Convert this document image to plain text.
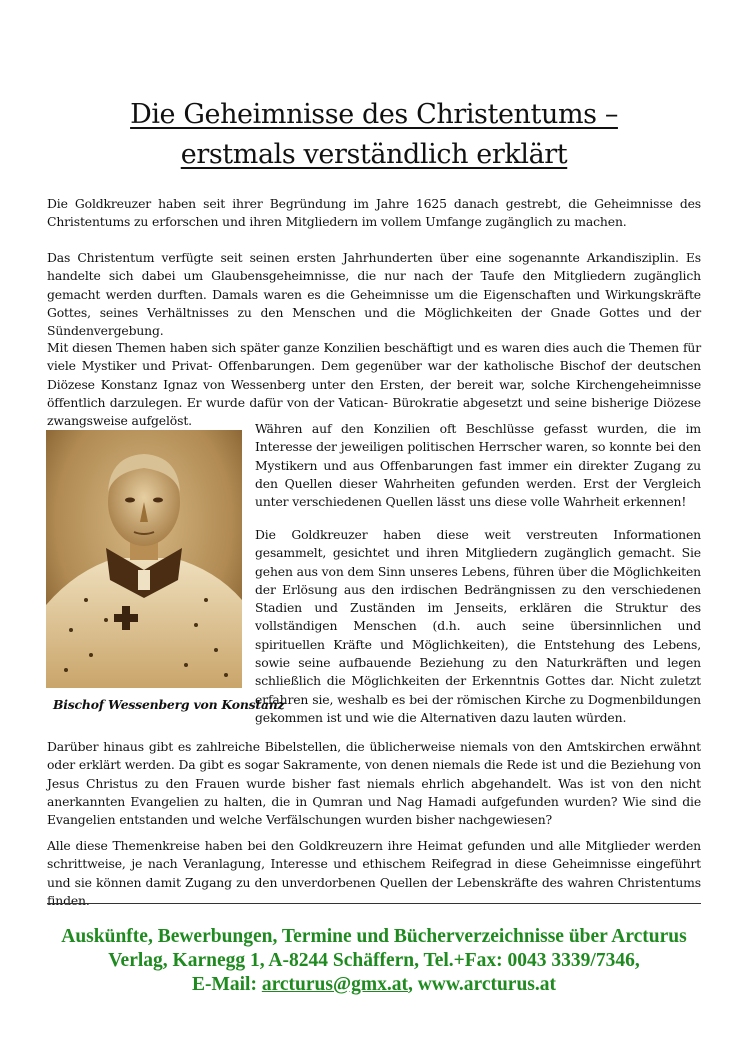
Die Geheimnisse des Christentums –
erstmals verständlich erklärt

Die Goldkreuzer haben seit ihrer Begründung im Jahre 1625 danach gestrebt, die Geheimnisse des Christentums zu erforschen und ihren Mitgliedern im vollem Umfange zugänglich zu machen.

Das Christentum verfügte seit seinen ersten Jahrhunderten über eine sogenannte Arkandisziplin. Es handelte sich dabei um Glaubensgeheimnisse, die nur nach der Taufe den Mitgliedern zugänglich gemacht werden durften. Damals waren es die Geheimnisse um die Eigenschaften und Wirkungskräfte Gottes, seines Verhältnisses zu den Menschen und die Möglichkeiten der Gnade Gottes und der Sündenvergebung.

Mit diesen Themen haben sich später ganze Konzilien beschäftigt und es waren dies auch die Themen für viele Mystiker und Privat- Offenbarungen. Dem gegenüber war der katholische Bischof der deutschen Diözese Konstanz Ignaz von Wessenberg unter den Ersten, der bereit war, solche Kirchengeheimnisse öffentlich darzulegen. Er wurde dafür von der Vatican- Bürokratie abgesetzt und seine bisherige Diözese zwangsweise aufgelöst.

Bischof Wessenberg von Konstanz

Währen auf den Konzilien oft Beschlüsse gefasst wurden, die im Interesse der jeweiligen politischen Herrscher waren, so konnte bei den Mystikern und aus Offenbarungen fast immer ein direkter Zugang zu den Quellen dieser Wahrheiten gefunden werden. Erst der Vergleich unter verschiedenen Quellen lässt uns diese volle Wahrheit erkennen!

Die Goldkreuzer haben diese weit verstreuten Informationen gesammelt, gesichtet und ihren Mitgliedern zugänglich gemacht. Sie gehen aus von dem Sinn unseres Lebens, führen über die Möglichkeiten der Erlösung aus den irdischen Bedrängnissen zu den verschiedenen Stadien und Zuständen im Jenseits, erklären die Struktur des vollständigen Menschen (d.h. auch seine übersinnlichen und spirituellen Kräfte und Möglichkeiten), die Entstehung des Lebens, sowie seine aufbauende Beziehung zu den Naturkräften und legen schließlich die Möglichkeiten der Erkenntnis Gottes dar. Nicht zuletzt erfahren sie, weshalb es bei der römischen Kirche zu Dogmenbildungen gekommen ist und wie die Alternativen dazu lauten würden.

Darüber hinaus gibt es zahlreiche Bibelstellen, die üblicherweise niemals von den Amtskirchen erwähnt oder erklärt werden. Da gibt es sogar Sakramente, von denen niemals die Rede ist und die Beziehung von Jesus Christus zu den Frauen wurde bisher fast niemals ehrlich abgehandelt. Was ist von den nicht anerkannten Evangelien zu halten, die in Qumran und Nag Hamadi aufgefunden wurden? Wie sind die Evangelien entstanden und welche Verfälschungen wurden bisher nachgewiesen?

Alle diese Themenkreise haben bei den Goldkreuzern ihre Heimat gefunden und alle Mitglieder werden schrittweise, je nach Veranlagung, Interesse und ethischem Reifegrad in diese Geheimnisse eingeführt und sie können damit Zugang zu den unverdorbenen Quellen der Lebenskräfte des wahren Christentums finden.

Auskünfte, Bewerbungen, Termine und Bücherverzeichnisse über Arcturus
Verlag, Karnegg 1, A-8244 Schäffern, Tel.+Fax: 0043 3339/7346,
E-Mail: arcturus@gmx.at, www.arcturus.at
